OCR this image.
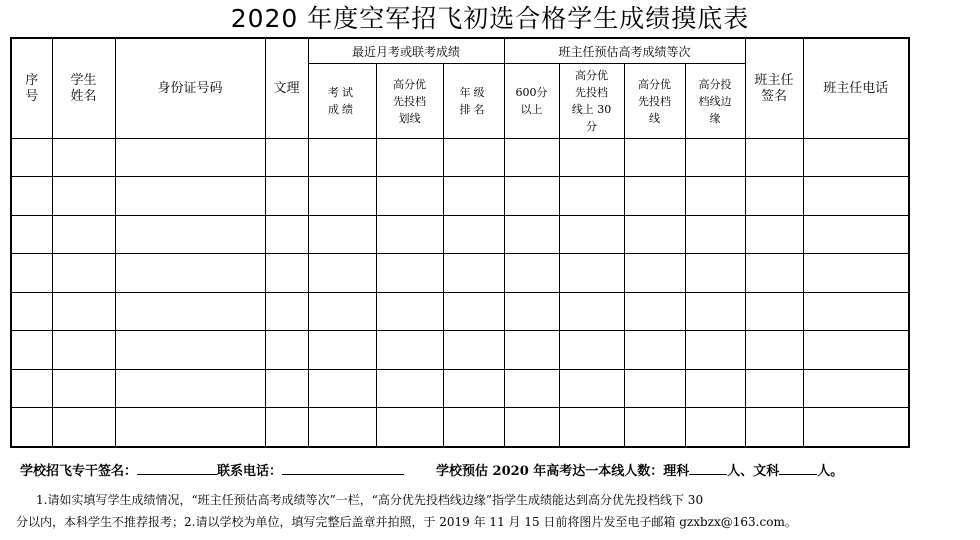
2020 年度空军招飞初选合格学生成绩摸底表
序号	学生姓名	身份证号码	文理	最近月考或联考成绩			班主任预估高考成绩等次				班主任签名	班主任电话

				考试成绩	高分优先投档划线	年级排名	600分以上	高分优先投档线上 30 分	高分优先投档线	高分投档线边缘		

学校招飞专干签名：	联系电话：	学校预估 2020 年高考达一本线人数：理科	人、文科	人。
1.请如实填写学生成绩情况，“班主任预估高考成绩等次”一栏，“高分优先投档线边缘”指学生成绩能达到高分优先投档线下 30
分以内，本科学生不推荐报考；2.请以学校为单位，填写完整后盖章并拍照，于 2019 年 11 月 15 日前将图片发至电子邮箱 gzxbzx@163.com。
